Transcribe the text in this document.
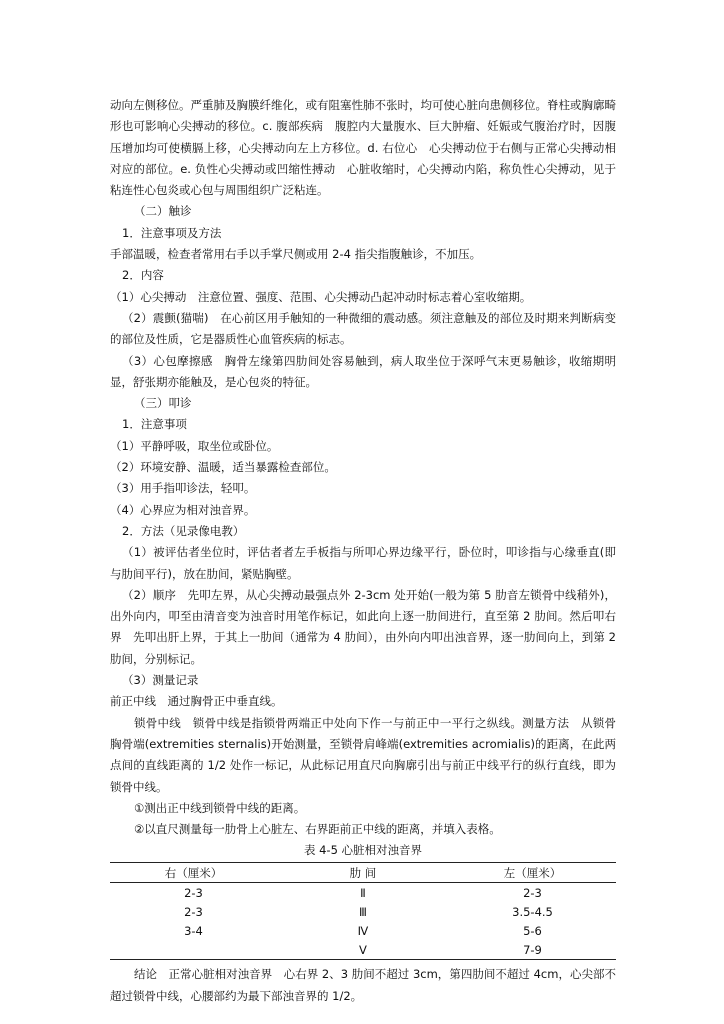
动向左侧移位。严重肺及胸膜纤维化，或有阻塞性肺不张时，均可使心脏向患侧移位。脊柱或胸廓畸形也可影响心尖搏动的移位。c. 腹部疾病　腹腔内大量腹水、巨大肿瘤、妊娠或气腹治疗时，因腹压增加均可使横膈上移，心尖搏动向左上方移位。d. 右位心　心尖搏动位于右侧与正常心尖搏动相对应的部位。e. 负性心尖搏动或凹缩性搏动　心脏收缩时，心尖搏动内陷，称负性心尖搏动，见于粘连性心包炎或心包与周围组织广泛粘连。

（二）触诊

1．注意事项及方法

手部温暖，检查者常用右手以手掌尺侧或用 2-4 指尖指腹触诊，不加压。

2．内容

（1）心尖搏动　注意位置、强度、范围、心尖搏动凸起冲动时标志着心室收缩期。

（2）震颤(猫喘)　在心前区用手触知的一种微细的震动感。须注意触及的部位及时期来判断病变的部位及性质，它是器质性心血管疾病的标志。

（3）心包摩擦感　胸骨左缘第四肋间处容易触到，病人取坐位于深呼气末更易触诊，收缩期明显，舒张期亦能触及，是心包炎的特征。

（三）叩诊

1．注意事项

（1）平静呼吸，取坐位或卧位。

（2）环境安静、温暖，适当暴露检查部位。

（3）用手指叩诊法，轻叩。

（4）心界应为相对浊音界。

2．方法（见录像电教）

（1）被评估者坐位时，评估者者左手板指与所叩心界边缘平行，卧位时，叩诊指与心缘垂直(即与肋间平行)，放在肋间，紧贴胸壁。

（2）顺序　先叩左界，从心尖搏动最强点外 2-3cm 处开始(一般为第 5 肋音左锁骨中线稍外)，出外向内，叩至由清音变为浊音时用笔作标记，如此向上逐一肋间进行，直至第 2 肋间。然后叩右界　先叩出肝上界，于其上一肋间（通常为 4 肋间），由外向内叩出浊音界，逐一肋间向上，到第 2 肋间，分别标记。

（3）测量记录

前正中线　通过胸骨正中垂直线。

锁骨中线　锁骨中线是指锁骨两端正中处向下作一与前正中一平行之纵线。测量方法　从锁骨胸骨端(extremities sternalis)开始测量，至锁骨肩峰端(extremities acromialis)的距离，在此两点间的直线距离的 1/2 处作一标记，从此标记用直尺向胸廓引出与前正中线平行的纵行直线，即为锁骨中线。

①测出正中线到锁骨中线的距离。

②以直尺测量每一肋骨上心脏左、右界距前正中线的距离，并填入表格。

表 4-5 心脏相对浊音界

右（厘米）	肋 间	左（厘米）
2-3	Ⅱ	2-3
2-3	Ⅲ	3.5-4.5
3-4	Ⅳ	5-6
	Ⅴ	7-9

结论　正常心脏相对浊音界　心右界 2、3 肋间不超过 3cm，第四肋间不超过 4cm，心尖部不超过锁骨中线，心腰部约为最下部浊音界的 1/2。
